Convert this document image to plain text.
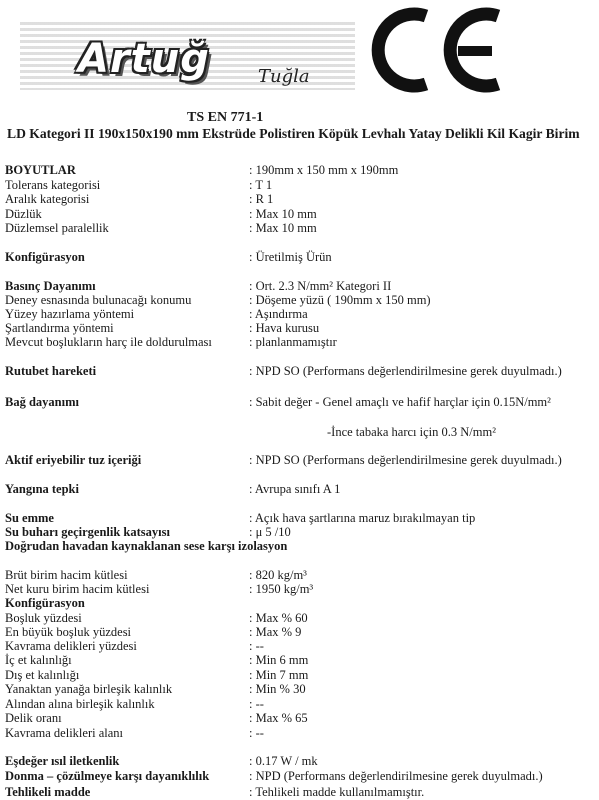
Artuğ	Tuğla
TS EN 771-1
LD Kategori II 190x150x190 mm Ekstrüde Polistiren Köpük Levhalı Yatay Delikli Kil Kagir Birim
BOYUTLAR	: 190mm x 150 mm x 190mm
Tolerans kategorisi	: T 1
Aralık kategorisi	: R 1
Düzlük	: Max 10 mm
Düzlemsel paralellik	: Max 10 mm
Konfigürasyon	: Üretilmiş Ürün
Basınç Dayanımı	: Ort. 2.3 N/mm² Kategori II
Deney esnasında bulunacağı konumu	: Döşeme yüzü ( 190mm x 150 mm)
Yüzey hazırlama yöntemi	: Aşındırma
Şartlandırma yöntemi	: Hava kurusu
Mevcut boşlukların harç ile doldurulması	: planlanmamıştır
Rutubet hareketi	: NPD SO (Performans değerlendirilmesine gerek duyulmadı.)
Bağ dayanımı	: Sabit değer - Genel amaçlı ve hafif harçlar için 0.15N/mm²
-İnce tabaka harcı için 0.3 N/mm²
Aktif eriyebilir tuz içeriği	: NPD SO (Performans değerlendirilmesine gerek duyulmadı.)
Yangına tepki	: Avrupa sınıfı A 1
Su emme	: Açık hava şartlarına maruz bırakılmayan tip
Su buharı geçirgenlik katsayısı	: μ 5 /10
Doğrudan havadan kaynaklanan sese karşı izolasyon
Brüt birim hacim kütlesi	: 820 kg/m³
Net kuru birim hacim kütlesi	: 1950 kg/m³
Konfigürasyon
Boşluk yüzdesi	: Max % 60
En büyük boşluk yüzdesi	: Max % 9
Kavrama delikleri yüzdesi	: --
İç et kalınlığı	: Min 6 mm
Dış et kalınlığı	: Min 7 mm
Yanaktan yanağa birleşik kalınlık	: Min % 30
Alından alına birleşik kalınlık	: --
Delik oranı	: Max % 65
Kavrama delikleri alanı	: --
Eşdeğer ısıl iletkenlik	: 0.17 W / mk
Donma – çözülmeye karşı dayanıklılık	: NPD (Performans değerlendirilmesine gerek duyulmadı.)
Tehlikeli madde	: Tehlikeli madde kullanılmamıştır.
